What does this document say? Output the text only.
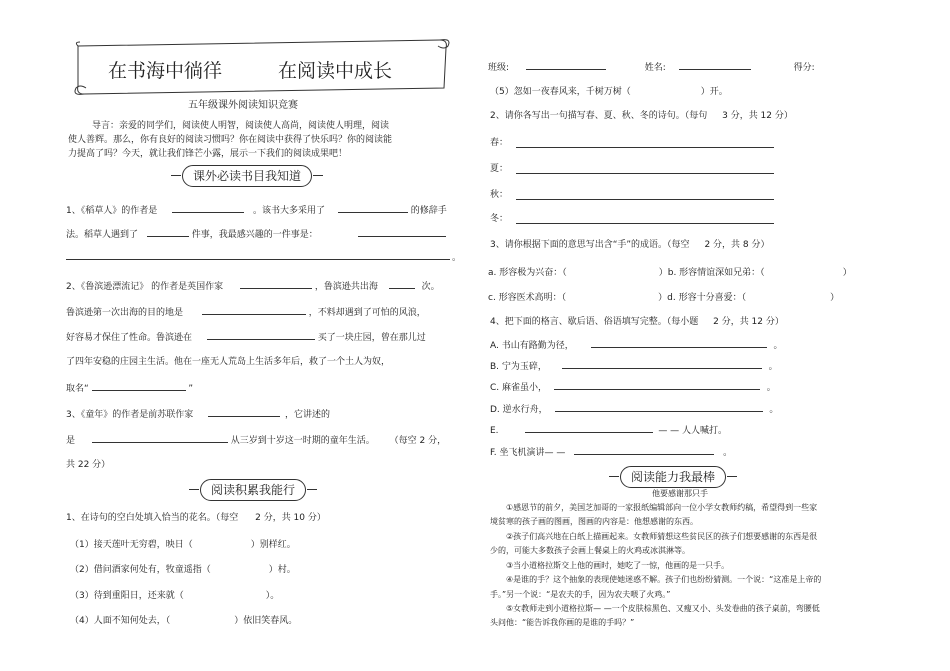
在书海中徜徉	在阅读中成长
五年级课外阅读知识竞赛
导言：亲爱的同学们，阅读使人明智，阅读使人高尚，阅读使人明理，阅读
使人善辉。那么，你有良好的阅读习惯吗？你在阅读中获得了快乐吗？你的阅读能
力提高了吗？今天，就让我们锋芒小露，展示一下我们的阅读成果吧！
课外必读书目我知道
1、《稻草人》的作者是	。该书大多采用了	的修辞手
法。稻草人遇到了	件事，我最感兴趣的一件事是：
。
2、《鲁滨逊漂流记》 的作者是英国作家	，鲁滨逊共出海	次。
鲁滨逊第一次出海的目的地是	，不料却遇到了可怕的风浪，
好容易才保住了性命。鲁滨逊在	买了一块庄园，曾在那儿过
了四年安稳的庄园主生活。他在一座无人荒岛上生活多年后，救了一个土人为奴，
取名“	”
3、《童年》的作者是前苏联作家	，它讲述的
是	从三岁到十岁这一时期的童年生活。 （每空 2 分，
共 22 分）
阅读积累我能行
1、在诗句的空白处填入恰当的花名。（每空 2 分，共 10 分）
（1）接天莲叶无穷碧，映日（	）别样红。
（2）借问酒家何处有，牧童遥指（	）村。
（3）待到重阳日，还来就（	）。
（4）人面不知何处去，（	）依旧笑春风。
班级:	姓名:	得分:
（5）忽如一夜春风来，千树万树（	）开。
2、请你各写出一句描写春、夏、秋、冬的诗句。（每句 3 分，共 12 分）
春：
夏：
秋：
冬：
3、请你根据下面的意思写出含“手”的成语。（每空 2 分，共 8 分）
a. 形容极为兴奋：（	）b. 形容情谊深如兄弟：（	）
c. 形容医术高明：（	）d. 形容十分喜爱：（	）
4、把下面的格言、歇后语、俗语填写完整。（每小题 2 分，共 12 分）
A. 书山有路勤为径，	。
B. 宁为玉碎，	。
C. 麻雀虽小，	。
D. 逆水行舟，	。
E.	— — 人人喊打。
F. 坐飞机演讲— —	。
阅读能力我最棒
他要感谢那只手
①感恩节的前夕，美国芝加哥的一家报纸编辑部向一位小学女教师约稿，希望得到一些家
境贫寒的孩子画的图画，图画的内容是：他想感谢的东西。
②孩子们高兴地在白纸上描画起来。女教师猜想这些贫民区的孩子们想要感谢的东西是很
少的，可能大多数孩子会画上餐桌上的火鸡或冰淇淋等。
③当小道格拉斯交上他的画时，她吃了一惊，他画的是一只手。
④是谁的手？这个抽象的表现使她迷惑不解。孩子们也纷纷猜测。一个说：“这准是上帝的
手。”另一个说：“是农夫的手，因为农夫喂了火鸡。”
⑤女教师走到小道格拉斯— —一个皮肤棕黑色、又瘦又小、头发卷曲的孩子桌前，弯腰低
头问他：“能告诉我你画的是谁的手吗？”
